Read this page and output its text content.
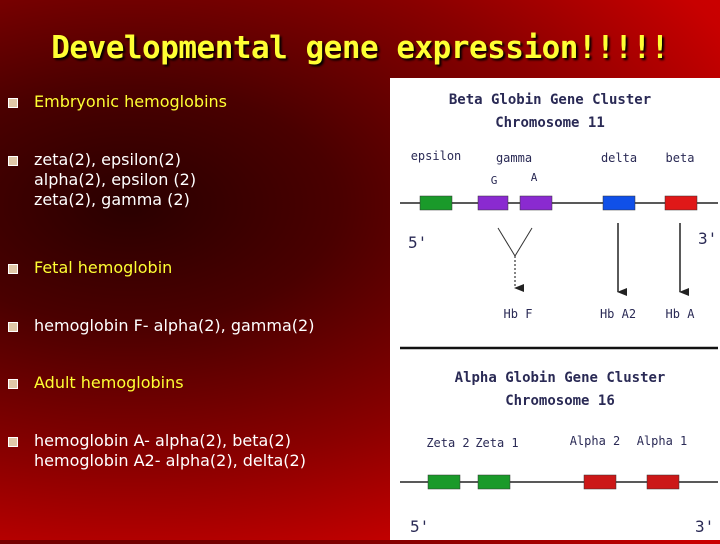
Developmental gene expression!!!!!
Embryonic hemoglobins
zeta(2), epsilon(2)
alpha(2), epsilon (2)
zeta(2), gamma (2)
Fetal hemoglobin
hemoglobin F- alpha(2), gamma(2)
Adult hemoglobins
hemoglobin A- alpha(2), beta(2)
hemoglobin A2- alpha(2), delta(2)
Beta Globin Gene Cluster
Chromosome 11
epsilon	gamma
G	A
delta beta
5'	3'
Hb F	Hb A2 Hb A
Alpha Globin Gene Cluster
Chromosome 16
Zeta 2 Zeta 1	Alpha 2 Alpha 1
5'	3'
